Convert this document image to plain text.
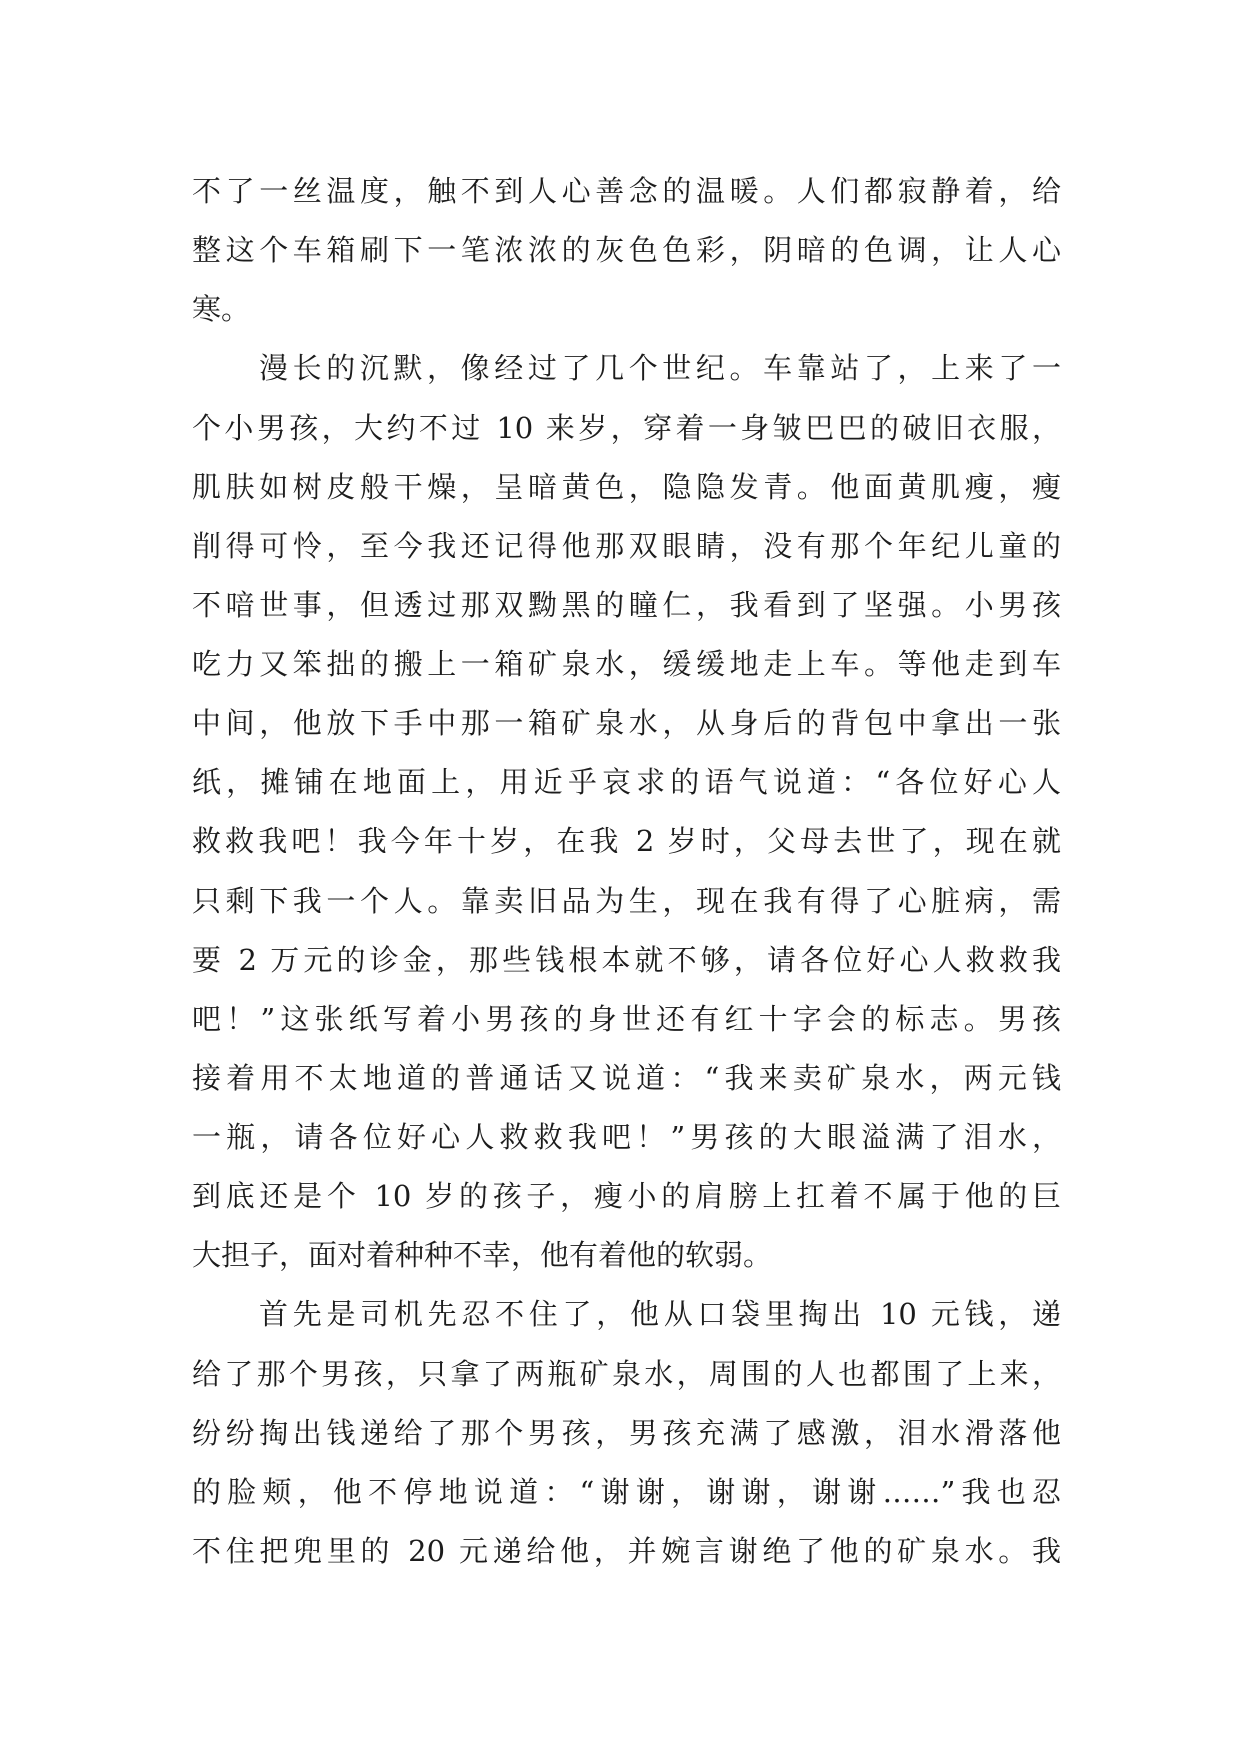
不了一丝温度，触不到人心善念的温暖。人们都寂静着，给
整这个车箱刷下一笔浓浓的灰色色彩，阴暗的色调，让人心
寒。
漫长的沉默，像经过了几个世纪。车靠站了，上来了一
个小男孩，大约不过 10 来岁，穿着一身皱巴巴的破旧衣服，
肌肤如树皮般干燥，呈暗黄色，隐隐发青。他面黄肌瘦，瘦
削得可怜，至今我还记得他那双眼睛，没有那个年纪儿童的
不喑世事，但透过那双黝黑的瞳仁，我看到了坚强。小男孩
吃力又笨拙的搬上一箱矿泉水，缓缓地走上车。等他走到车
中间，他放下手中那一箱矿泉水，从身后的背包中拿出一张
纸，摊铺在地面上，用近乎哀求的语气说道：“各位好心人
救救我吧！我今年十岁，在我 2 岁时，父母去世了，现在就
只剩下我一个人。靠卖旧品为生，现在我有得了心脏病，需
要 2 万元的诊金，那些钱根本就不够，请各位好心人救救我
吧！”这张纸写着小男孩的身世还有红十字会的标志。男孩
接着用不太地道的普通话又说道：“我来卖矿泉水，两元钱
一瓶，请各位好心人救救我吧！”男孩的大眼溢满了泪水，
到底还是个 10 岁的孩子，瘦小的肩膀上扛着不属于他的巨
大担子，面对着种种不幸，他有着他的软弱。
首先是司机先忍不住了，他从口袋里掏出 10 元钱，递
给了那个男孩，只拿了两瓶矿泉水，周围的人也都围了上来，
纷纷掏出钱递给了那个男孩，男孩充满了感激，泪水滑落他
的脸颊，他不停地说道：“谢谢，谢谢，谢谢……”我也忍
不住把兜里的 20 元递给他，并婉言谢绝了他的矿泉水。我
